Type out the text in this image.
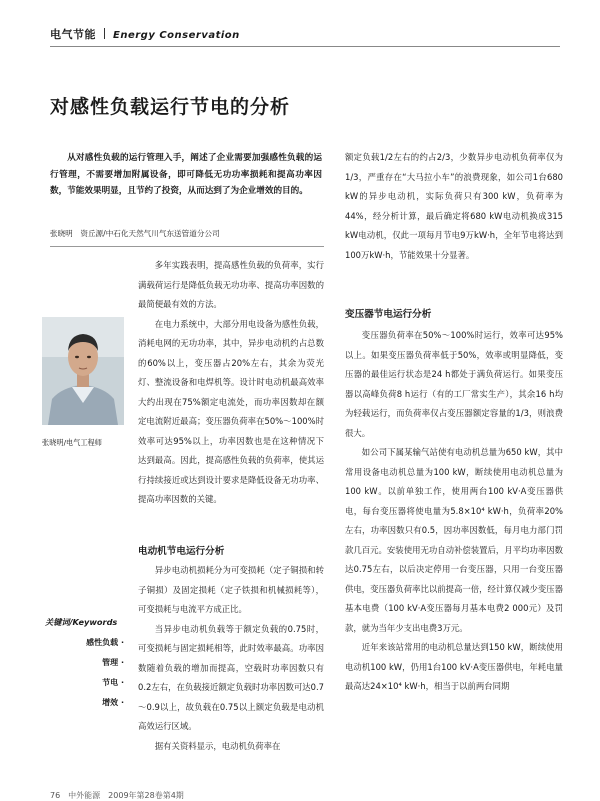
电气节能 Energy Conservation
对感性负载运行节电的分析

从对感性负载的运行管理入手，阐述了企业需要加强感性负载的运行管理，不需要增加附属设备，即可降低无功功率损耗和提高功率因数，节能效果明显，且节约了投资，从而达到了为企业增效的目的。

张晓明　资丘源/中石化天然气川气东送管道分公司
张晓明/电气工程师

多年实践表明，提高感性负载的负荷率，实行满载荷运行是降低负载无功功率、提高功率因数的最简便最有效的方法。

在电力系统中，大部分用电设备为感性负载，消耗电网的无功功率，其中，异步电动机约占总数的60%以上，变压器占20%左右，其余为荧光灯、整流设备和电焊机等。设计时电动机最高效率大约出现在75%额定电流处，而功率因数却在额定电流附近最高；变压器负荷率在50%～100%时效率可达95%以上，功率因数也是在这种情况下达到最高。因此，提高感性负载的负荷率，使其运行持续接近或达到设计要求是降低设备无功功率、提高功率因数的关键。

电动机节电运行分析

异步电动机损耗分为可变损耗（定子铜损和转子铜损）及固定损耗（定子铁损和机械损耗等），可变损耗与电流平方成正比。

当异步电动机负载等于额定负载的0.75时，可变损耗与固定损耗相等，此时效率最高。功率因数随着负载的增加而提高，空载时功率因数只有0.2左右，在负载接近额定负载时功率因数可达0.7～0.9以上，故负载在0.75以上额定负载是电动机高效运行区域。

据有关资料显示，电动机负荷率在

关键词/Keywords
感性负载 ·
管理 ·
节电 ·
增效 ·

额定负载1/2左右的约占2/3，少数异步电动机负荷率仅为1/3，严重存在“大马拉小车”的浪费现象，如公司1台680 kW的异步电动机，实际负荷只有300 kW，负荷率为44%，经分析计算，最后确定将680 kW电动机换成315 kW电动机，仅此一项每月节电9万kW·h，全年节电将达到100万kW·h，节能效果十分显著。

变压器节电运行分析

变压器负荷率在50%～100%时运行，效率可达95%以上。如果变压器负荷率低于50%，效率或明显降低，变压器的最佳运行状态是24 h都处于满负荷运行。如果变压器以高峰负荷8 h运行（有的工厂常实生产），其余16 h均为轻载运行，而负荷率仅占变压器额定容量的1/3，则浪费很大。

如公司下属某输气站使有电动机总量为650 kW，其中常用设备电动机总量为100 kW，断续使用电动机总量为100 kW。以前单独工作，使用两台100 kV·A变压器供电，每台变压器将使电量为5.8×10⁴ kW·h，负荷率20%左右，功率因数只有0.5，因功率因数低，每月电力部门罚款几百元。安装使用无功自动补偿装置后，月平均功率因数达0.75左右，以后决定停用一台变压器，只用一台变压器供电，变压器负荷率比以前提高一倍，经计算仅减少变压器基本电费（100 kV·A变压器每月基本电费2 000元）及罚款，就为当年少支出电费3万元。

近年来该站常用的电动机总量达到150 kW，断续使用电动机100 kW，仍用1台100 kV·A变压器供电，年耗电量最高达24×10⁴ kW·h，相当于以前两台同期

76　中外能源　2009年第28卷第4期
